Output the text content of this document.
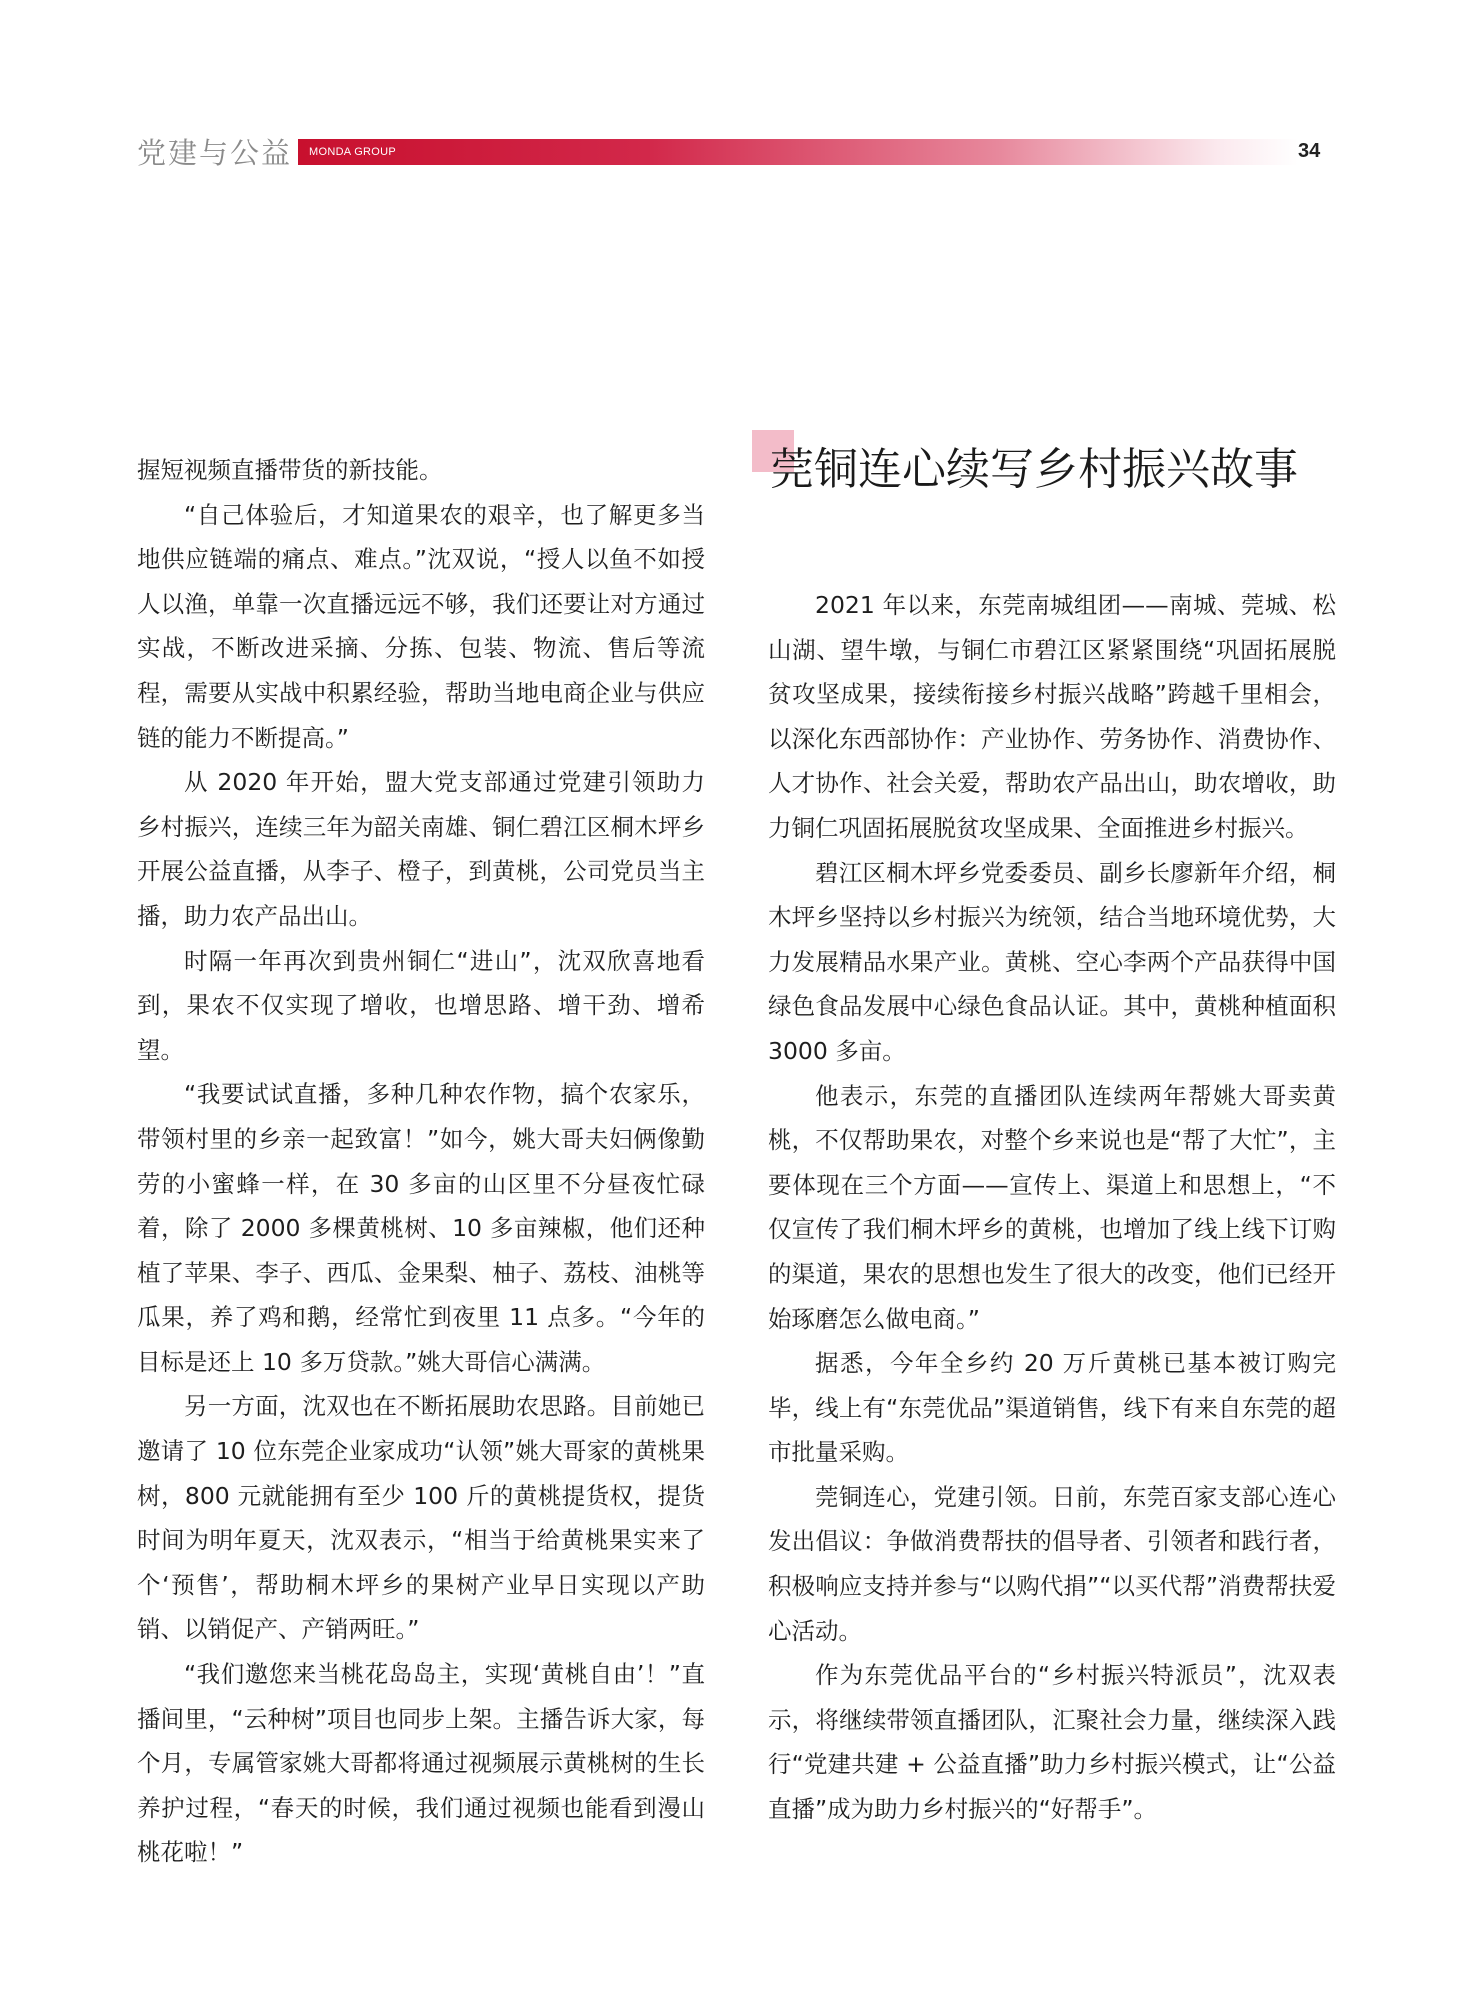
党建与公益 MONDA GROUP	34

握短视频直播带货的新技能。

“自己体验后，才知道果农的艰辛，也了解更多当地供应链端的痛点、难点。”沈双说，“授人以鱼不如授人以渔，单靠一次直播远远不够，我们还要让对方通过实战，不断改进采摘、分拣、包装、物流、售后等流程，需要从实战中积累经验，帮助当地电商企业与供应链的能力不断提高。”

从 2020 年开始，盟大党支部通过党建引领助力乡村振兴，连续三年为韶关南雄、铜仁碧江区桐木坪乡开展公益直播，从李子、橙子，到黄桃，公司党员当主播，助力农产品出山。

时隔一年再次到贵州铜仁“进山”，沈双欣喜地看到，果农不仅实现了增收，也增思路、增干劲、增希望。

“我要试试直播，多种几种农作物，搞个农家乐，带领村里的乡亲一起致富！”如今，姚大哥夫妇俩像勤劳的小蜜蜂一样，在 30 多亩的山区里不分昼夜忙碌着，除了 2000 多棵黄桃树、10 多亩辣椒，他们还种植了苹果、李子、西瓜、金果梨、柚子、荔枝、油桃等瓜果，养了鸡和鹅，经常忙到夜里 11 点多。“今年的目标是还上 10 多万贷款。”姚大哥信心满满。

另一方面，沈双也在不断拓展助农思路。目前她已邀请了 10 位东莞企业家成功“认领”姚大哥家的黄桃果树，800 元就能拥有至少 100 斤的黄桃提货权，提货时间为明年夏天，沈双表示，“相当于给黄桃果实来了个‘预售’，帮助桐木坪乡的果树产业早日实现以产助销、以销促产、产销两旺。”

“我们邀您来当桃花岛岛主，实现‘黄桃自由’！”直播间里，“云种树”项目也同步上架。主播告诉大家，每个月，专属管家姚大哥都将通过视频展示黄桃树的生长养护过程，“春天的时候，我们通过视频也能看到漫山桃花啦！”

莞铜连心续写乡村振兴故事

2021 年以来，东莞南城组团——南城、莞城、松山湖、望牛墩，与铜仁市碧江区紧紧围绕“巩固拓展脱贫攻坚成果，接续衔接乡村振兴战略”跨越千里相会，以深化东西部协作：产业协作、劳务协作、消费协作、人才协作、社会关爱，帮助农产品出山，助农增收，助力铜仁巩固拓展脱贫攻坚成果、全面推进乡村振兴。

碧江区桐木坪乡党委委员、副乡长廖新年介绍，桐木坪乡坚持以乡村振兴为统领，结合当地环境优势，大力发展精品水果产业。黄桃、空心李两个产品获得中国绿色食品发展中心绿色食品认证。其中，黄桃种植面积 3000 多亩。

他表示，东莞的直播团队连续两年帮姚大哥卖黄桃，不仅帮助果农，对整个乡来说也是“帮了大忙”，主要体现在三个方面——宣传上、渠道上和思想上，“不仅宣传了我们桐木坪乡的黄桃，也增加了线上线下订购的渠道，果农的思想也发生了很大的改变，他们已经开始琢磨怎么做电商。”

据悉，今年全乡约 20 万斤黄桃已基本被订购完毕，线上有“东莞优品”渠道销售，线下有来自东莞的超市批量采购。

莞铜连心，党建引领。日前，东莞百家支部心连心发出倡议：争做消费帮扶的倡导者、引领者和践行者，积极响应支持并参与“以购代捐”“以买代帮”消费帮扶爱心活动。

作为东莞优品平台的“乡村振兴特派员”，沈双表示，将继续带领直播团队，汇聚社会力量，继续深入践行“党建共建 + 公益直播”助力乡村振兴模式，让“公益直播”成为助力乡村振兴的“好帮手”。
